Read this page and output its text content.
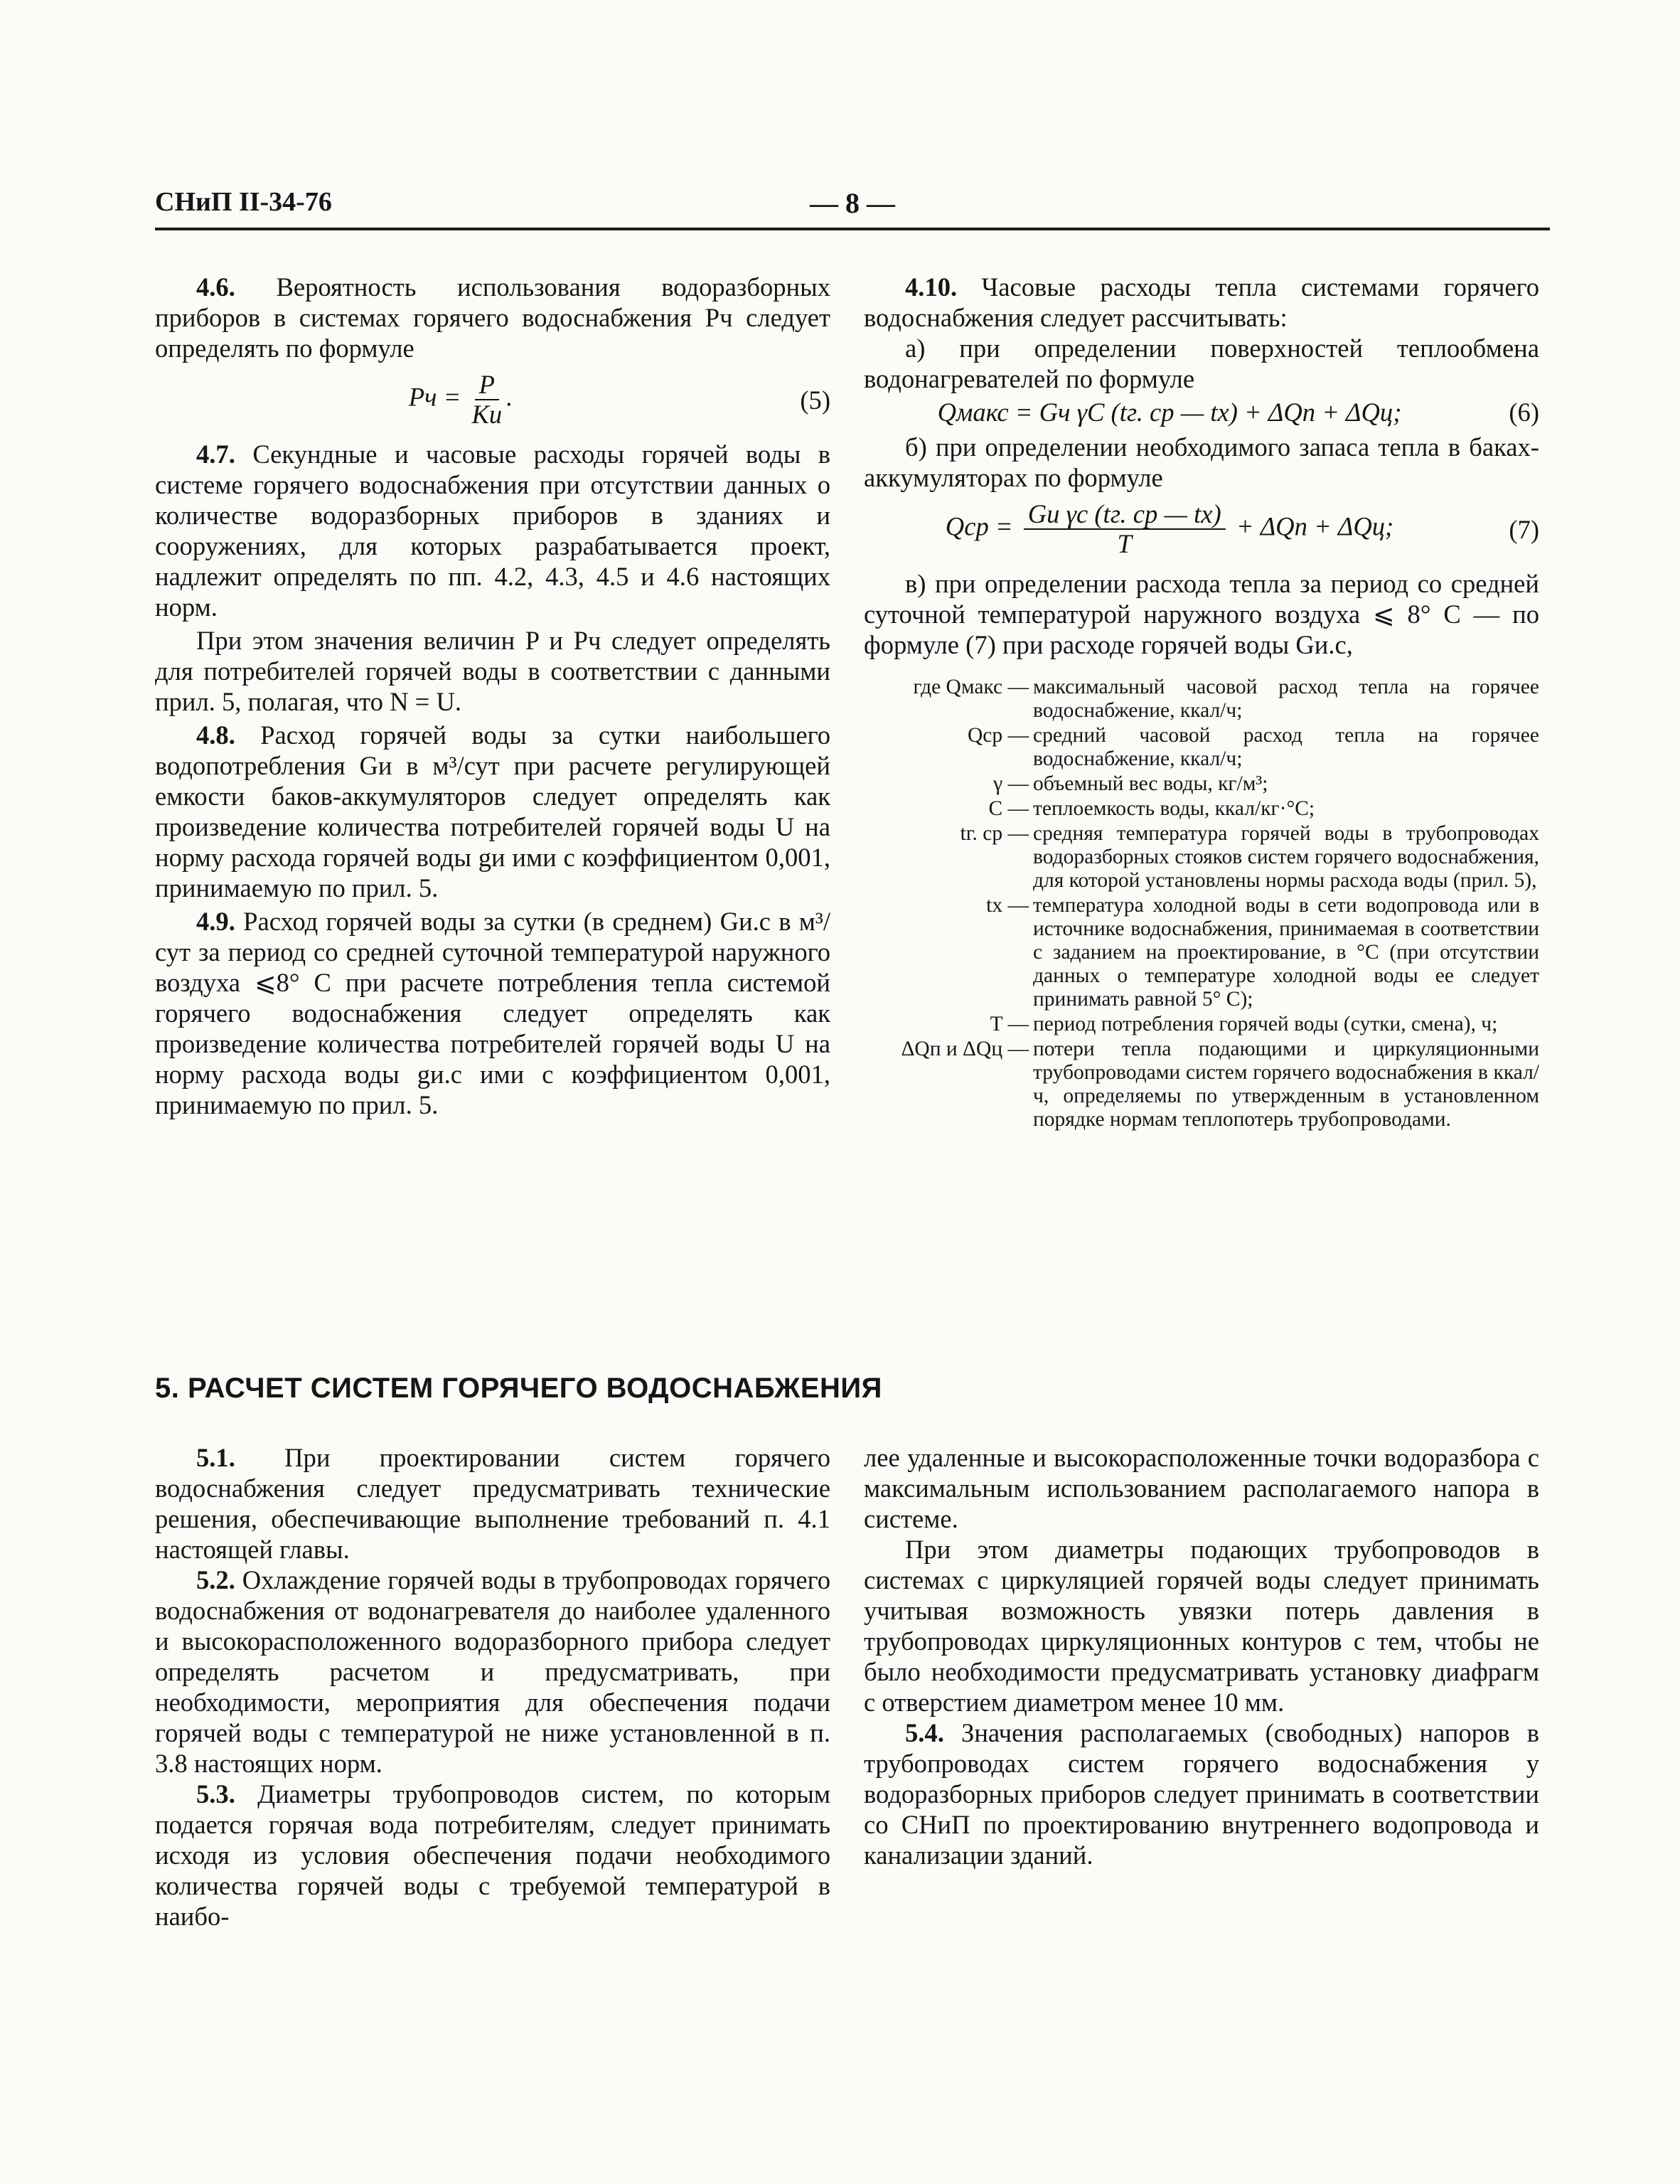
СНиП II-34-76	— 8 —

4.6. Вероятность использования водоразборных приборов в системах горячего водоснабжения Pч следует определять по формуле

Pч = $\frac{P}{Kи}$ .	(5)

4.7. Секундные и часовые расходы горячей воды в системе горячего водоснабжения при отсутствии данных о количестве водоразборных приборов в зданиях и сооружениях, для которых разрабатывается проект, надлежит определять по пп. 4.2, 4.3, 4.5 и 4.6 настоящих норм.

При этом значения величин P и Pч следует определять для потребителей горячей воды в соответствии с данными прил. 5, полагая, что N = U.

4.8. Расход горячей воды за сутки наибольшего водопотребления Gи в м³/сут при расчете регулирующей емкости баков-аккумуляторов следует определять как произведение количества потребителей горячей воды U на норму расхода горячей воды gи ими с коэффициентом 0,001, принимаемую по прил. 5.

4.9. Расход горячей воды за сутки (в среднем) Gи.с в м³/сут за период со средней суточной температурой наружного воздуха ⩽8° С при расчете потребления тепла системой горячего водоснабжения следует определять как произведение количества потребителей горячей воды U на норму расхода воды gи.с ими с коэффициентом 0,001, принимаемую по прил. 5.

4.10. Часовые расходы тепла системами горячего водоснабжения следует рассчитывать:

а) при определении поверхностей теплообмена водонагревателей по формуле

Qмакс = Gч γC (tг. ср — tx) + ΔQп + ΔQц;	(6)

б) при определении необходимого запаса тепла в баках-аккумуляторах по формуле

Qср = $\frac{\text{Gи γс (tг. ср — tx)}}{T} + \Delta Qп + \Delta Qц$;	(7)

в) при определении расхода тепла за период со средней суточной температурой наружного воздуха ⩽ 8° С — по формуле (7) при расходе горячей воды Gи.с,

где Qмакс — максимальный часовой расход тепла на горячее водоснабжение, ккал/ч;
Qср — средний часовой расход тепла на горячее водоснабжение, ккал/ч;
γ — объемный вес воды, кг/м³;
C — теплоемкость воды, ккал/кг·°С;
tг. ср — средняя температура горячей воды в трубопроводах водоразборных стояков систем горячего водоснабжения, для которой установлены нормы расхода воды (прил. 5),
tx — температура холодной воды в сети водопровода или в источнике водоснабжения, принимаемая в соответствии с заданием на проектирование, в °С (при отсутствии данных о температуре холодной воды ее следует принимать равной 5° С);
T — период потребления горячей воды (сутки, смена), ч;
ΔQп и ΔQц — потери тепла подающими и циркуляционными трубопроводами систем горячего водоснабжения в ккал/ч, определяемы по утвержденным в установленном порядке нормам теплопотерь трубопроводами.
5. РАСЧЕТ СИСТЕМ ГОРЯЧЕГО ВОДОСНАБЖЕНИЯ

5.1. При проектировании систем горячего водоснабжения следует предусматривать технические решения, обеспечивающие выполнение требований п. 4.1 настоящей главы.

5.2. Охлаждение горячей воды в трубопроводах горячего водоснабжения от водонагревателя до наиболее удаленного и высокорасположенного водоразборного прибора следует определять расчетом и предусматривать, при необходимости, мероприятия для обеспечения подачи горячей воды с температурой не ниже установленной в п. 3.8 настоящих норм.

5.3. Диаметры трубопроводов систем, по которым подается горячая вода потребителям, следует принимать исходя из условия обеспечения подачи необходимого количества горячей воды с требуемой температурой в наибо-

лее удаленные и высокорасположенные точки водоразбора с максимальным использованием располагаемого напора в системе.

При этом диаметры подающих трубопроводов в системах с циркуляцией горячей воды следует принимать учитывая возможность увязки потерь давления в трубопроводах циркуляционных контуров с тем, чтобы не было необходимости предусматривать установку диафрагм с отверстием диаметром менее 10 мм.

5.4. Значения располагаемых (свободных) напоров в трубопроводах систем горячего водоснабжения у водоразборных приборов следует принимать в соответствии со СНиП по проектированию внутреннего водопровода и канализации зданий.
